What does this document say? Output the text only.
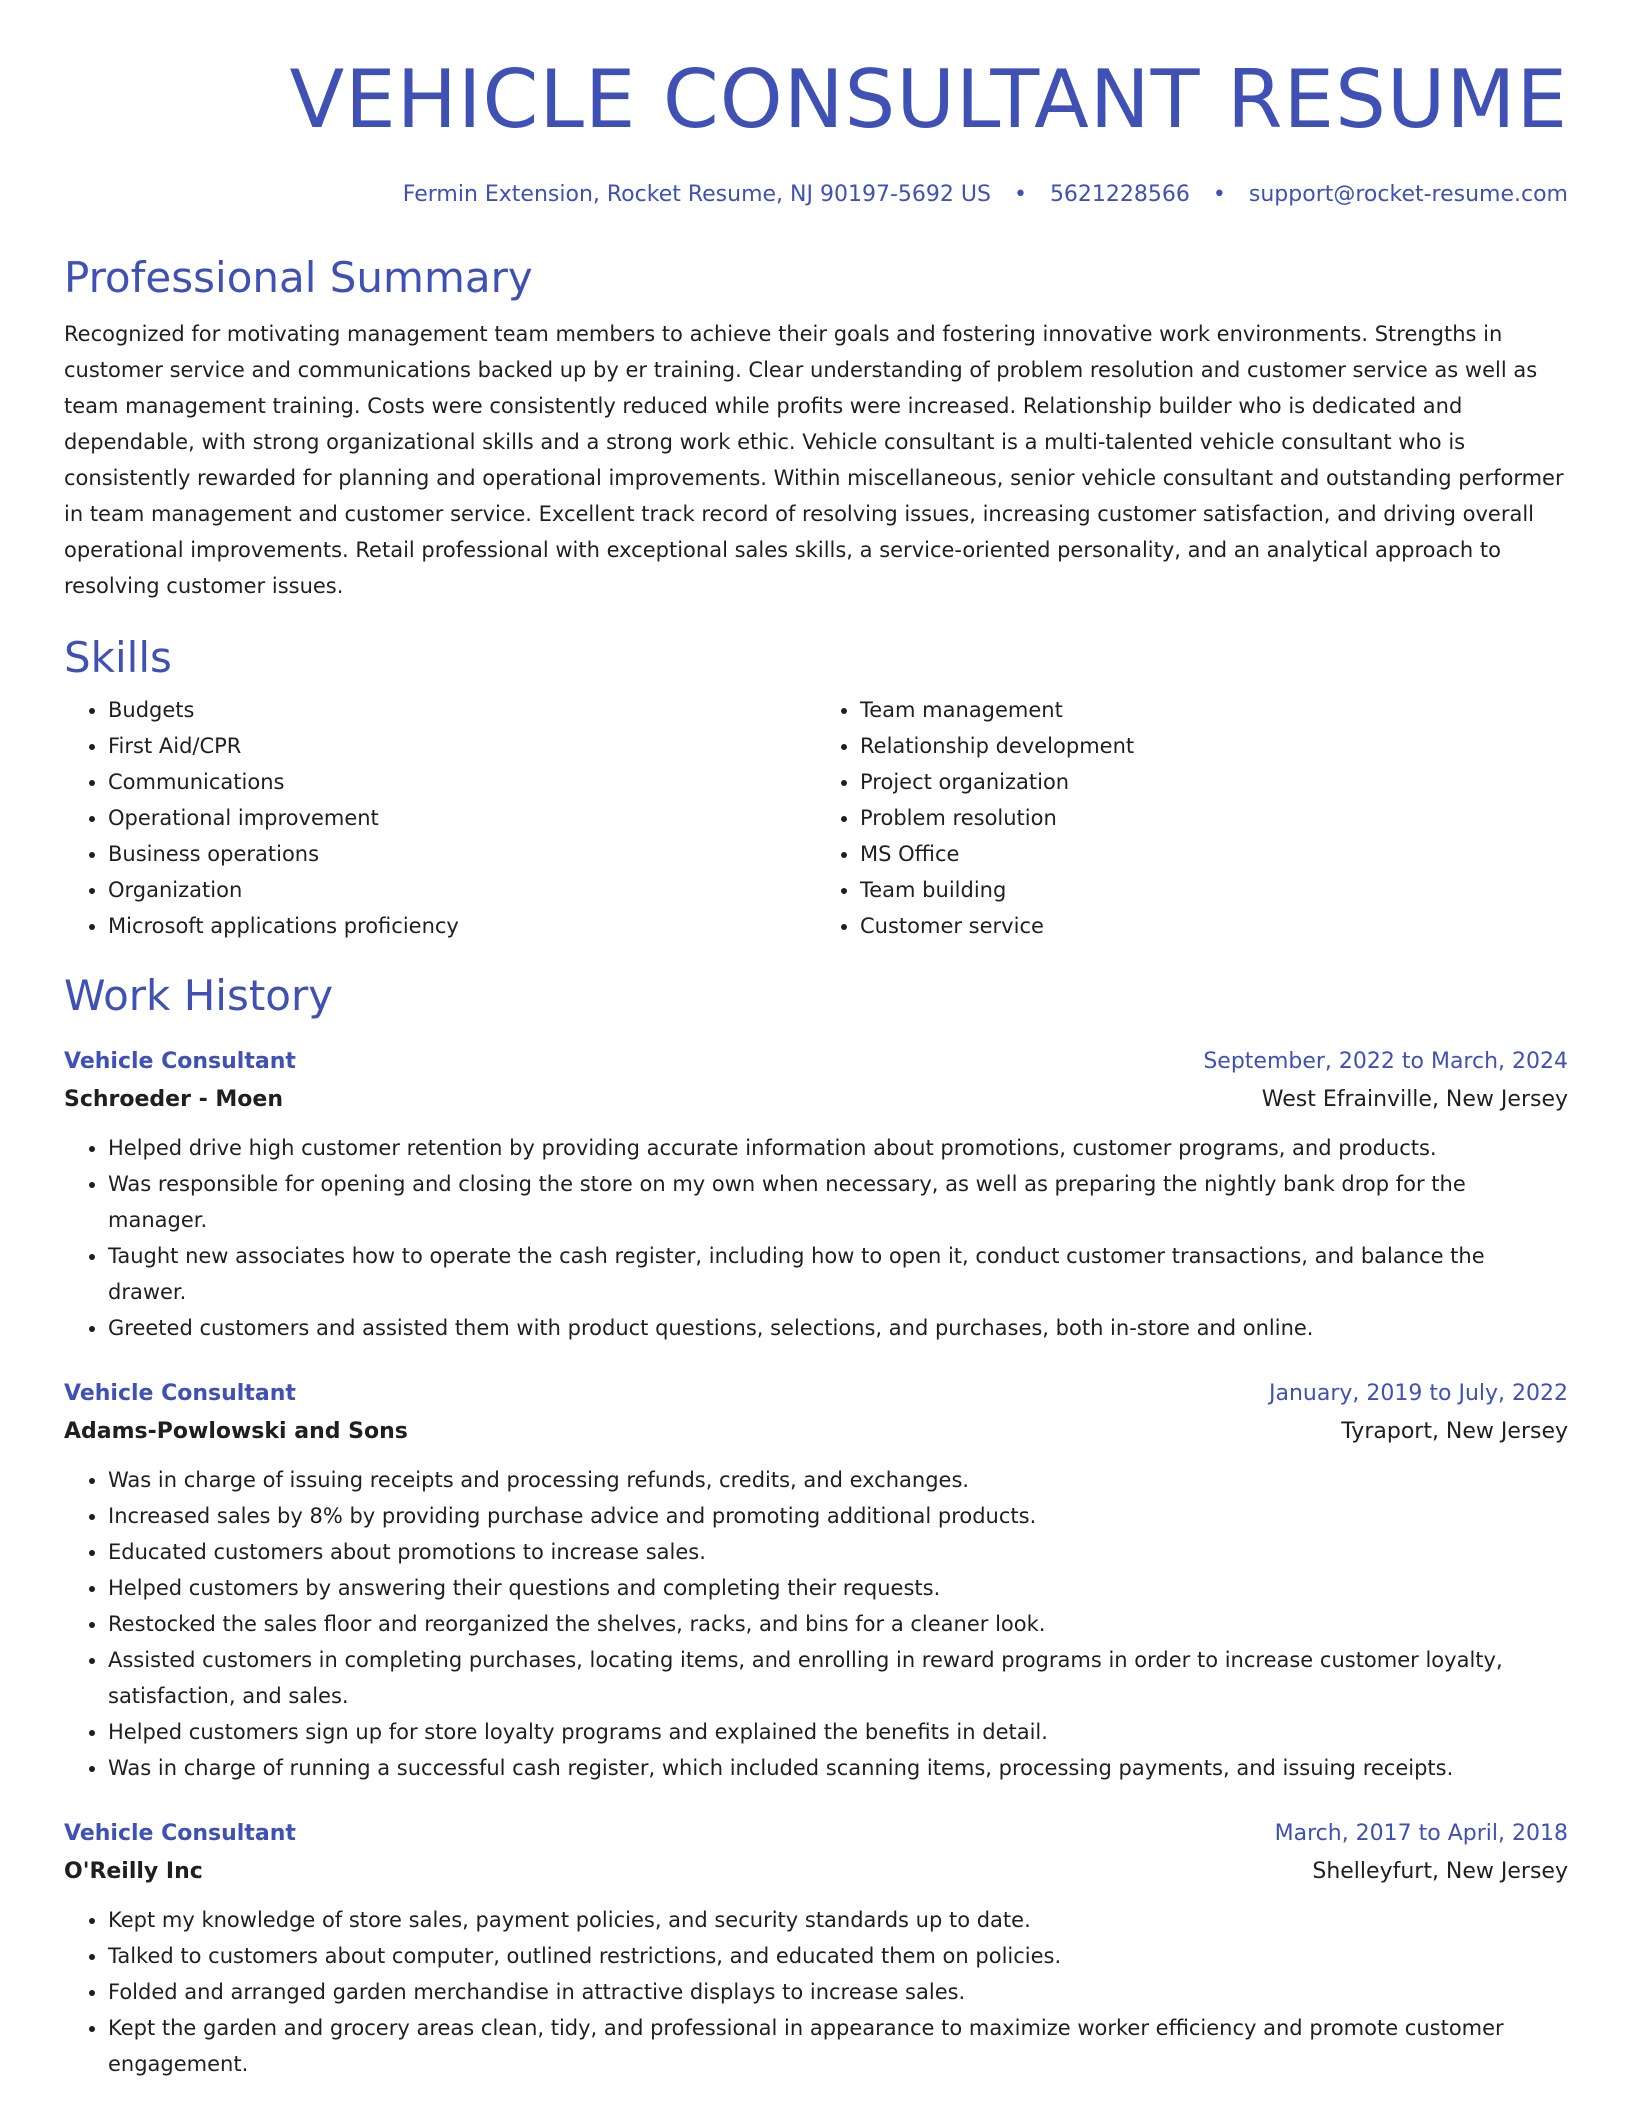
VEHICLE CONSULTANT RESUME
Fermin Extension, Rocket Resume, NJ 90197-5692 US • 5621228566 • support@rocket-resume.com
Professional Summary

Recognized for motivating management team members to achieve their goals and fostering innovative work environments. Strengths in customer service and communications backed up by er training. Clear understanding of problem resolution and customer service as well as team management training. Costs were consistently reduced while profits were increased. Relationship builder who is dedicated and dependable, with strong organizational skills and a strong work ethic. Vehicle consultant is a multi-talented vehicle consultant who is consistently rewarded for planning and operational improvements. Within miscellaneous, senior vehicle consultant and outstanding performer in team management and customer service. Excellent track record of resolving issues, increasing customer satisfaction, and driving overall operational improvements. Retail professional with exceptional sales skills, a service-oriented personality, and an analytical approach to resolving customer issues.

Skills
• Budgets
• First Aid/CPR
• Communications
• Operational improvement
• Business operations
• Organization
• Microsoft applications proficiency
• Team management
• Relationship development
• Project organization
• Problem resolution
• MS Office
• Team building
• Customer service
Work History
Vehicle Consultant	September, 2022 to March, 2024
Schroeder - Moen	West Efrainville, New Jersey
• Helped drive high customer retention by providing accurate information about promotions, customer programs, and products.
• Was responsible for opening and closing the store on my own when necessary, as well as preparing the nightly bank drop for the manager.
• Taught new associates how to operate the cash register, including how to open it, conduct customer transactions, and balance the drawer.
• Greeted customers and assisted them with product questions, selections, and purchases, both in-store and online.
Vehicle Consultant	January, 2019 to July, 2022
Adams-Powlowski and Sons	Tyraport, New Jersey
• Was in charge of issuing receipts and processing refunds, credits, and exchanges.
• Increased sales by 8% by providing purchase advice and promoting additional products.
• Educated customers about promotions to increase sales.
• Helped customers by answering their questions and completing their requests.
• Restocked the sales floor and reorganized the shelves, racks, and bins for a cleaner look.
• Assisted customers in completing purchases, locating items, and enrolling in reward programs in order to increase customer loyalty, satisfaction, and sales.
• Helped customers sign up for store loyalty programs and explained the benefits in detail.
• Was in charge of running a successful cash register, which included scanning items, processing payments, and issuing receipts.
Vehicle Consultant	March, 2017 to April, 2018
O'Reilly Inc	Shelleyfurt, New Jersey
• Kept my knowledge of store sales, payment policies, and security standards up to date.
• Talked to customers about computer, outlined restrictions, and educated them on policies.
• Folded and arranged garden merchandise in attractive displays to increase sales.
• Kept the garden and grocery areas clean, tidy, and professional in appearance to maximize worker efficiency and promote customer engagement.
